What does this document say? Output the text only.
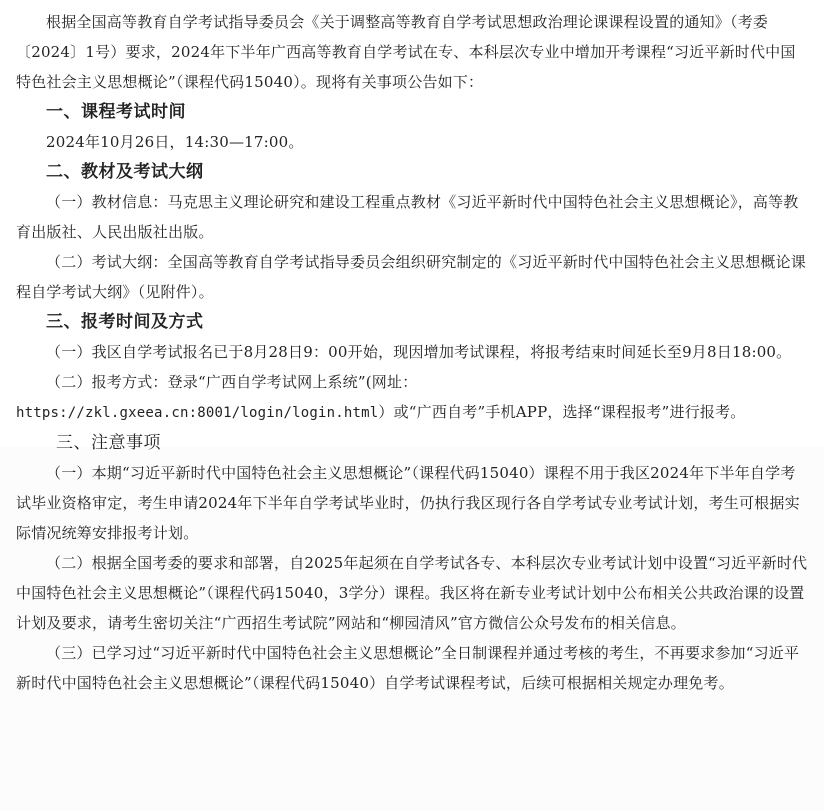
根据全国高等教育自学考试指导委员会《关于调整高等教育自学考试思想政治理论课课程设置的通知》（考委〔2024〕1号）要求，2024年下半年广西高等教育自学考试在专、本科层次专业中增加开考课程“习近平新时代中国特色社会主义思想概论”（课程代码15040）。现将有关事项公告如下：

一、课程考试时间

2024年10月26日，14:30—17:00。

二、教材及考试大纲

（一）教材信息：马克思主义理论研究和建设工程重点教材《习近平新时代中国特色社会主义思想概论》，高等教育出版社、人民出版社出版。

（二）考试大纲：全国高等教育自学考试指导委员会组织研究制定的《习近平新时代中国特色社会主义思想概论课程自学考试大纲》（见附件）。

三、报考时间及方式

（一）我区自学考试报名已于8月28日9：00开始，现因增加考试课程，将报考结束时间延长至9月8日18:00。

（二）报考方式：登录“广西自学考试网上系统”(网址：
https://zkl.gxeea.cn:8001/login/login.html）或“广西自考”手机APP，选择“课程报考”进行报考。

三、注意事项

（一）本期“习近平新时代中国特色社会主义思想概论”（课程代码15040）课程不用于我区2024年下半年自学考试毕业资格审定，考生申请2024年下半年自学考试毕业时，仍执行我区现行各自学考试专业考试计划，考生可根据实际情况统筹安排报考计划。

（二）根据全国考委的要求和部署，自2025年起须在自学考试各专、本科层次专业考试计划中设置“习近平新时代中国特色社会主义思想概论”（课程代码15040，3学分）课程。我区将在新专业考试计划中公布相关公共政治课的设置计划及要求，请考生密切关注“广西招生考试院”网站和“柳园清风”官方微信公众号发布的相关信息。

（三）已学习过“习近平新时代中国特色社会主义思想概论”全日制课程并通过考核的考生，不再要求参加“习近平新时代中国特色社会主义思想概论”（课程代码15040）自学考试课程考试，后续可根据相关规定办理免考。
